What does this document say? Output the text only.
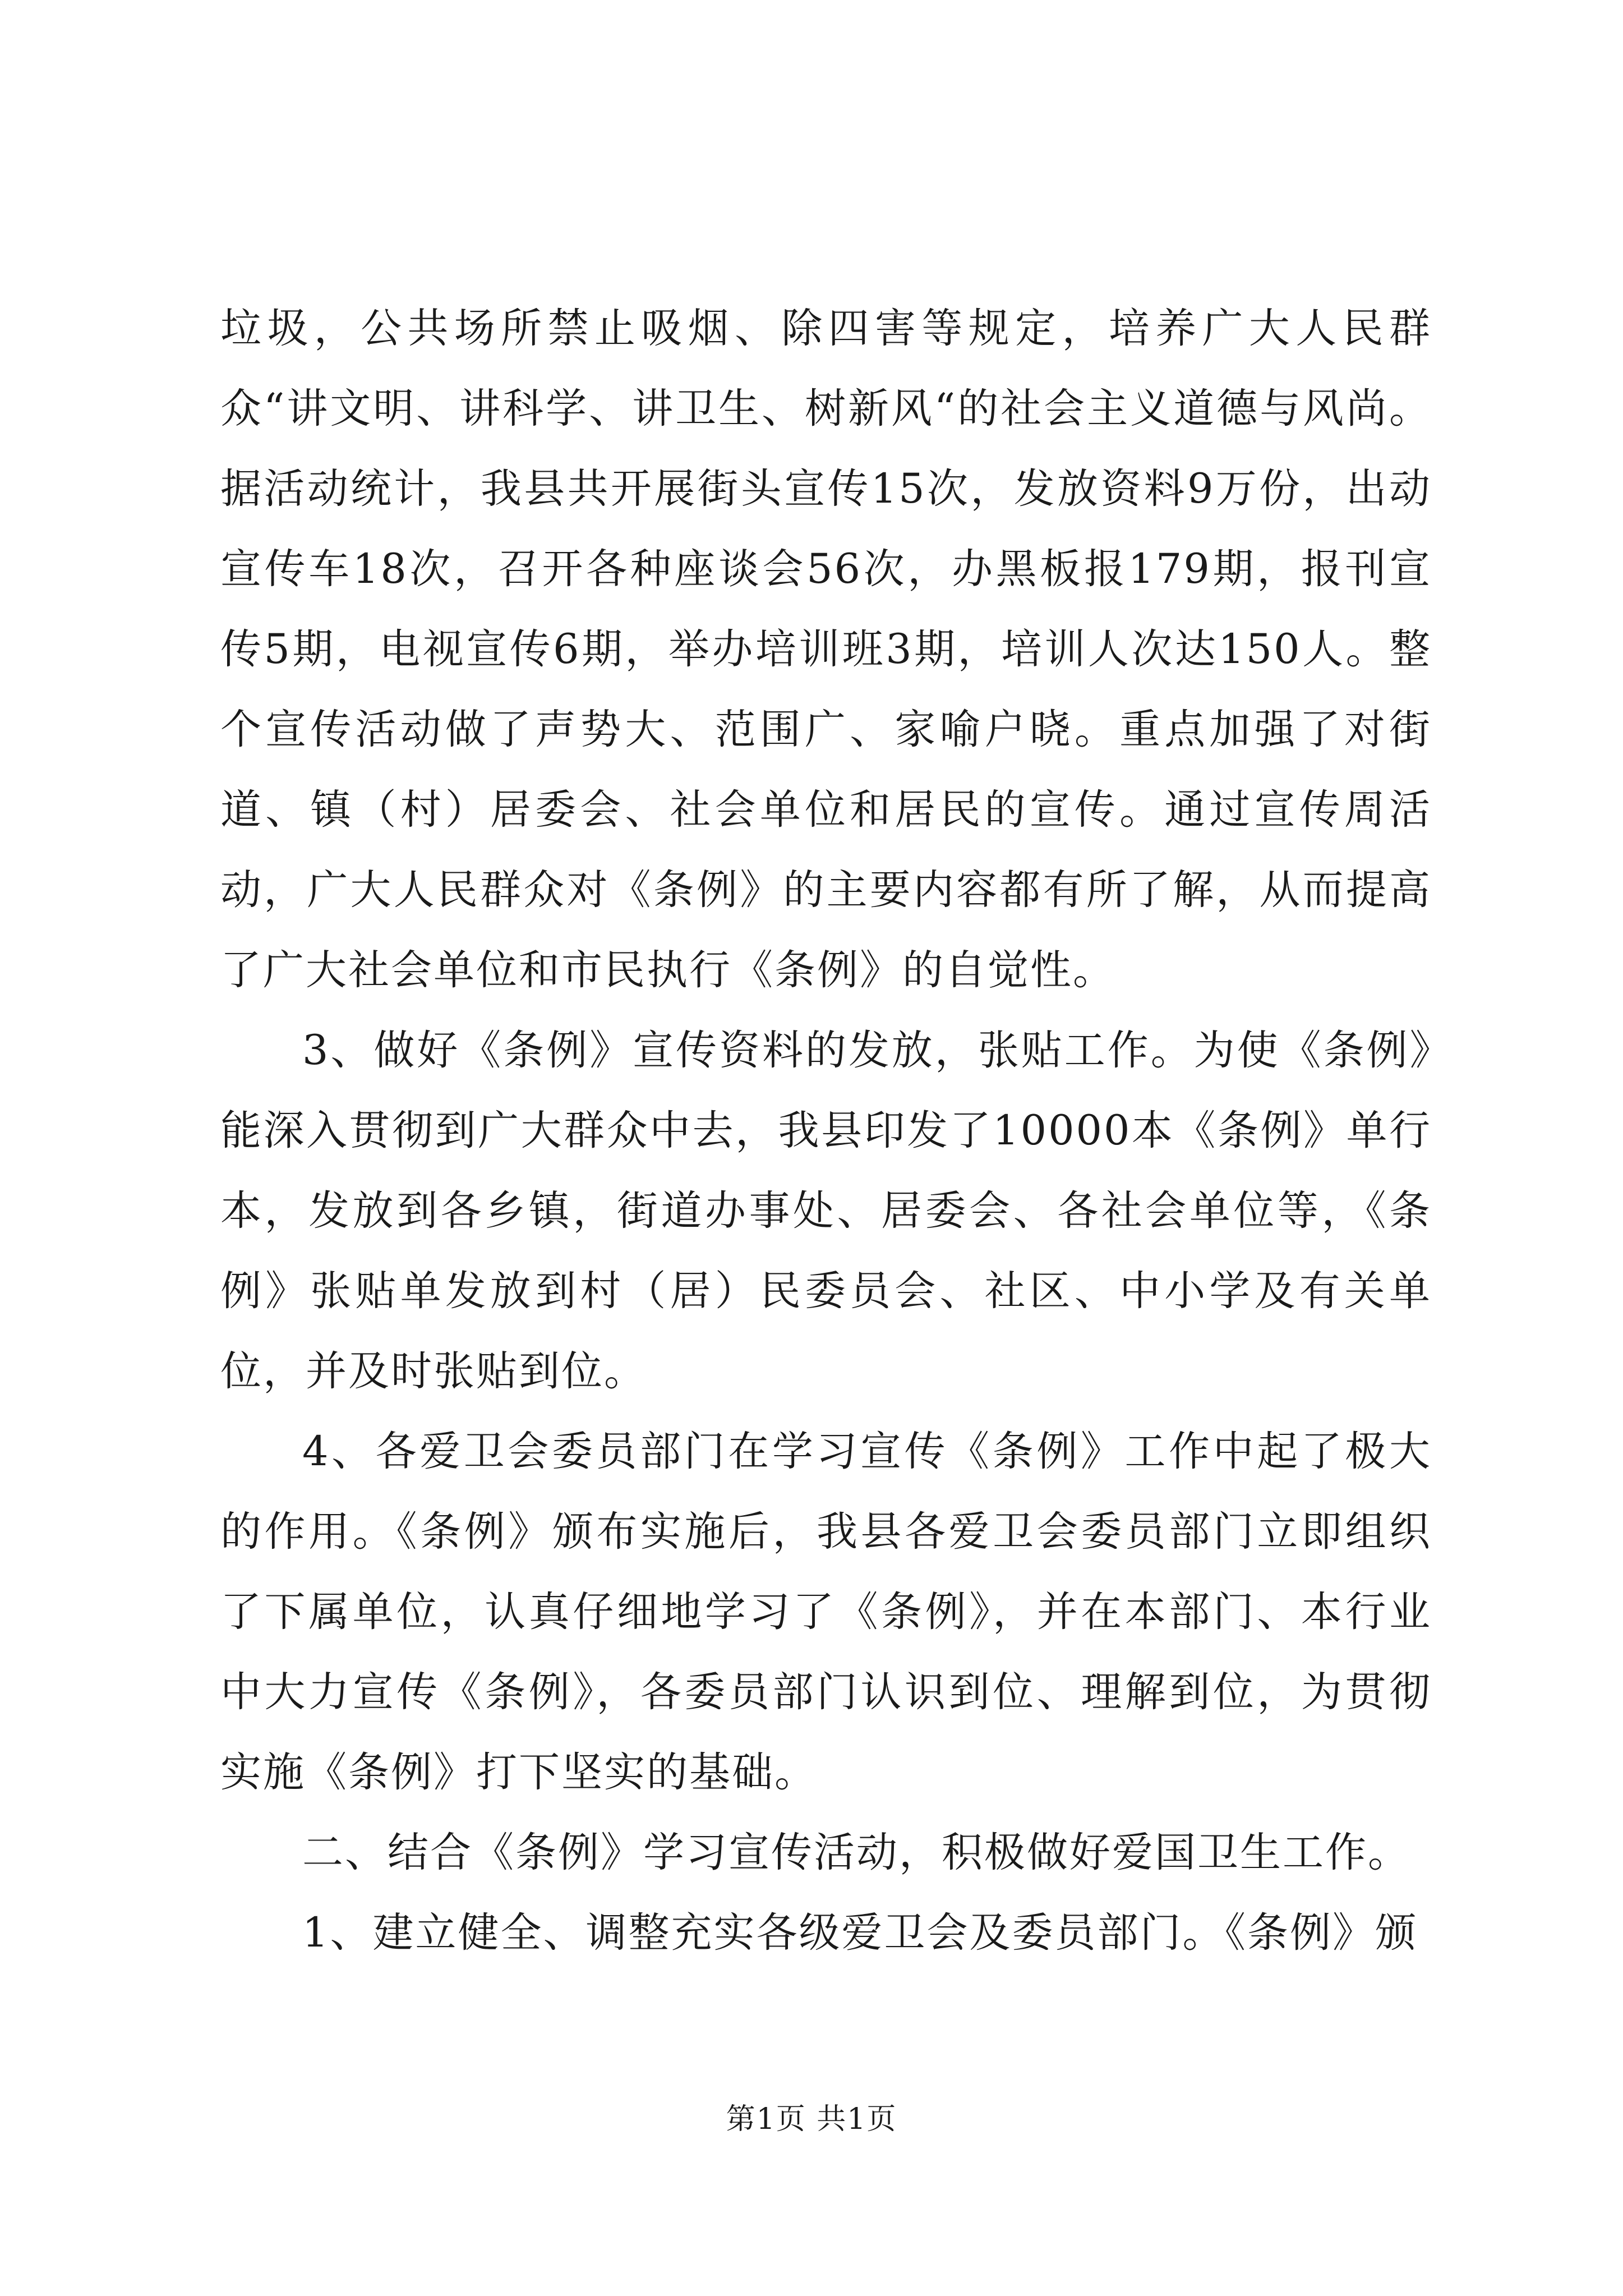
垃圾，公共场所禁止吸烟、除四害等规定，培养广大人民群众“讲文明、讲科学、讲卫生、树新风“的社会主义道德与风尚。据活动统计，我县共开展街头宣传15次，发放资料9万份，出动宣传车18次，召开各种座谈会56次，办黑板报179期，报刊宣传5期，电视宣传6期，举办培训班3期，培训人次达150人。整个宣传活动做了声势大、范围广、家喻户晓。重点加强了对街道、镇（村）居委会、社会单位和居民的宣传。通过宣传周活动，广大人民群众对《条例》的主要内容都有所了解，从而提高了广大社会单位和市民执行《条例》的自觉性。

3、做好《条例》宣传资料的发放，张贴工作。为使《条例》能深入贯彻到广大群众中去，我县印发了10000本《条例》单行本，发放到各乡镇，街道办事处、居委会、各社会单位等，《条例》张贴单发放到村（居）民委员会、社区、中小学及有关单位，并及时张贴到位。

4、各爱卫会委员部门在学习宣传《条例》工作中起了极大的作用。《条例》颁布实施后，我县各爱卫会委员部门立即组织了下属单位，认真仔细地学习了《条例》，并在本部门、本行业中大力宣传《条例》，各委员部门认识到位、理解到位，为贯彻实施《条例》打下坚实的基础。

二、结合《条例》学习宣传活动，积极做好爱国卫生工作。

1、建立健全、调整充实各级爱卫会及委员部门。《条例》颁

第1页 共1页
